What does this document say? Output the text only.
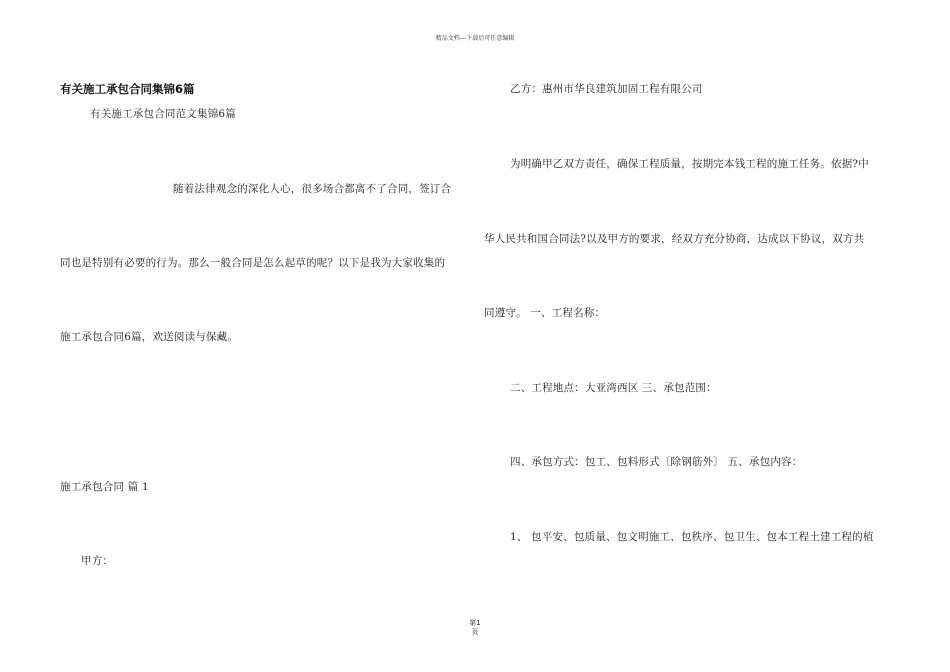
精品文档---下载后可任意编辑
有关施工承包合同集锦6篇
有关施工承包合同范文集锦6篇
随着法律观念的深化人心，很多场合都离不了合同，签订合
同也是特别有必要的行为。那么一般合同是怎么起草的呢？以下是我为大家收集的
施工承包合同6篇，欢送阅读与保藏。
施工承包合同 篇 1
甲方：
乙方：惠州市华良建筑加固工程有限公司
为明确甲乙双方责任，确保工程质量，按期完本钱工程的施工任务。依据?中
华人民共和国合同法?以及甲方的要求，经双方充分协商，达成以下协议，双方共
同遵守。 一、工程名称：
二、工程地点：大亚湾西区 三、承包范围：
四、承包方式：包工、包料形式〔除钢筋外〕 五、承包内容：
1、 包平安、包质量、包文明施工、包秩序、包卫生、包本工程土建工程的植
第1
页
